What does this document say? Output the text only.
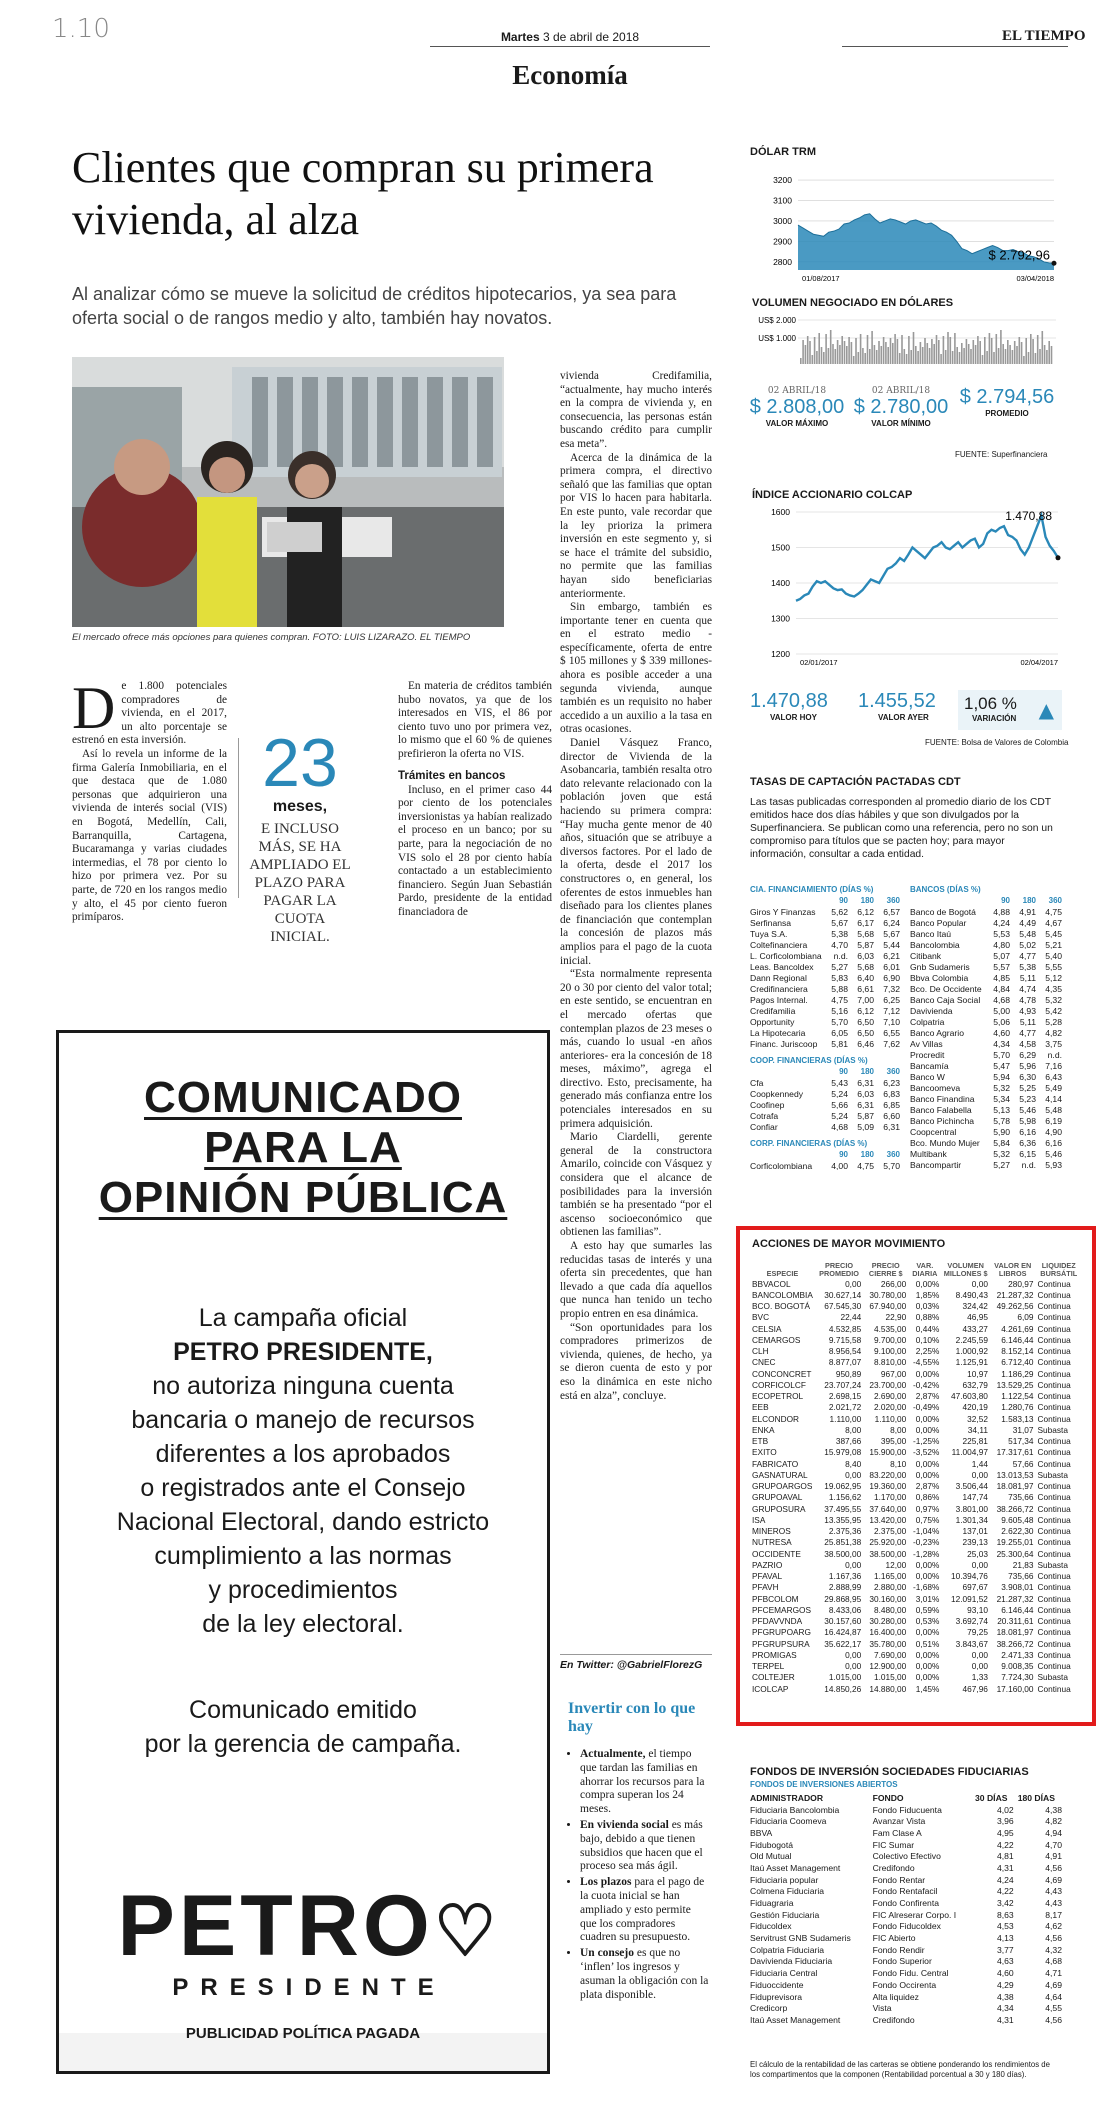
1.10	Martes 3 de abril de 2018	EL TIEMPO
Economía
Clientes que compran su primera vivienda, al alza
Al analizar cómo se mueve la solicitud de créditos hipotecarios, ya sea para oferta social o de rangos medio y alto, también hay novatos.
El mercado ofrece más opciones para quienes compran. FOTO: LUIS LIZARAZO. EL TIEMPO

De 1.800 potenciales compradores de vivienda, en el 2017, un alto porcentaje se estrenó en esta inversión.

Así lo revela un informe de la firma Galería Inmobiliaria, en el que destaca que de 1.080 personas que adquirieron una vivienda de interés social (VIS) en Bogotá, Medellín, Cali, Barranquilla, Cartagena, Bucaramanga y varias ciudades intermedias, el 78 por ciento lo hizo por primera vez. Por su parte, de 720 en los rangos medio y alto, el 45 por ciento fueron primíparos.

23
meses,
E INCLUSO MÁS, SE HA AMPLIADO EL PLAZO PARA PAGAR LA CUOTA INICIAL.

En materia de créditos también hubo novatos, ya que de los interesados en VIS, el 86 por ciento tuvo uno por primera vez, lo mismo que el 60 % de quienes prefirieron la oferta no VIS.

Trámites en bancos

Incluso, en el primer caso 44 por ciento de los potenciales inversionistas ya habían realizado el proceso en un banco; por su parte, para la negociación de no VIS solo el 28 por ciento había contactado a un establecimiento financiero. Según Juan Sebastián Pardo, presidente de la entidad financiadora de

vivienda Credifamilia, “actualmente, hay mucho interés en la compra de vivienda y, en consecuencia, las personas están buscando crédito para cumplir esa meta”.

Acerca de la dinámica de la primera compra, el directivo señaló que las familias que optan por VIS lo hacen para habitarla. En este punto, vale recordar que la ley prioriza la primera inversión en este segmento y, si se hace el trámite del subsidio, no permite que las familias hayan sido beneficiarias anteriormente.

Sin embargo, también es importante tener en cuenta que en el estrato medio -específicamente, oferta de entre $ 105 millones y $ 339 millones- ahora es posible acceder a una segunda vivienda, aunque también es un requisito no haber accedido a un auxilio a la tasa en otras ocasiones.

Daniel Vásquez Franco, director de Vivienda de la Asobancaria, también resalta otro dato relevante relacionado con la población joven que está haciendo su primera compra: “Hay mucha gente menor de 40 años, situación que se atribuye a diversos factores. Por el lado de la oferta, desde el 2017 los constructores o, en general, los oferentes de estos inmuebles han diseñado para los clientes planes de financiación que contemplan la concesión de plazos más amplios para el pago de la cuota inicial.

“Esta normalmente representa 20 o 30 por ciento del valor total; en este sentido, se encuentran en el mercado ofertas que contemplan plazos de 23 meses o más, cuando lo usual -en años anteriores- era la concesión de 18 meses, máximo”, agrega el directivo. Esto, precisamente, ha generado más confianza entre los potenciales interesados en su primera adquisición.

Mario Ciardelli, gerente general de la constructora Amarilo, coincide con Vásquez y considera que el alcance de posibilidades para la inversión también se ha presentado “por el ascenso socioeconómico que obtienen las familias”.

A esto hay que sumarles las reducidas tasas de interés y una oferta sin precedentes, que han llevado a que cada día aquellos que nunca han tenido un techo propio entren en esa dinámica.

“Son oportunidades para los compradores primerizos de vivienda, quienes, de hecho, ya se dieron cuenta de esto y por eso la dinámica en este nicho está en alza”, concluye.

En Twitter: @GabrielFlorezG
Invertir con lo que hay
• Actualmente, el tiempo que tardan las familias en ahorrar los recursos para la compra superan los 24 meses.
• En vivienda social es más bajo, debido a que tienen subsidios que hacen que el proceso sea más ágil.
• Los plazos para el pago de la cuota inicial se han ampliado y esto permite que los compradores cuadren su presupuesto.
• Un consejo es que no ‘inflen’ los ingresos y asuman la obligación con la plata disponible.
COMUNICADO
PARA LA
OPINIÓN PÚBLICA
La campaña oficial
PETRO PRESIDENTE,
no autoriza ninguna cuenta
bancaria o manejo de recursos
diferentes a los aprobados
o registrados ante el Consejo
Nacional Electoral, dando estricto
cumplimiento a las normas
y procedimientos
de la ley electoral.
Comunicado emitido
por la gerencia de campaña.
PETRO♡
PRESIDENTE
PUBLICIDAD POLÍTICA PAGADA
DÓLAR TRM
3200
3100
3000
2900
2800
01/08/2017	03/04/2018
$ 2.792,96
VOLUMEN NEGOCIADO EN DÓLARES
US$ 2.000
US$ 1.000
02 ABRIL/18
$ 2.808,00
VALOR MÁXIMO
02 ABRIL/18
$ 2.780,00
VALOR MÍNIMO
$ 2.794,56
PROMEDIO
FUENTE: Superfinanciera
ÍNDICE ACCIONARIO COLCAP
1600
1500
1400
1300
1200
02/01/2017	02/04/2017
1.470,88
1.470,88
VALOR HOY
1.455,52
VALOR AYER
1,06 %
VARIACIÓN	▲
FUENTE: Bolsa de Valores de Colombia
TASAS DE CAPTACIÓN PACTADAS CDT
Las tasas publicadas corresponden al promedio diario de los CDT emitidos hace dos días hábiles y que son divulgados por la Superfinanciera. Se publican como una referencia, pero no son un compromiso para títulos que se pacten hoy; para mayor información, consultar a cada entidad.
CIA. FINANCIAMIENTO (DÍAS %)			
	90	180	360
Giros Y Finanzas	5,62	6,12	6,57
Serfinansa	5,67	6,17	6,24
Tuya S.A.	5,38	5,68	5,67
Coltefinanciera	4,70	5,87	5,44
L. Corficolombiana	n.d.	6,03	6,21
Leas. Bancoldex	5,27	5,68	6,01
Dann Regional	5,83	6,40	6,90
Credifinanciera	5,88	6,61	7,32
Pagos Internal.	4,75	7,00	6,25
Credifamilia	5,16	6,12	7,12
Opportunity	5,70	6,50	7,10
La Hipotecaria	6,05	6,50	6,55
Financ. Juriscoop	5,81	6,46	7,62

COOP. FINANCIERAS (DÍAS %)			
	90	180	360
Cfa	5,43	6,31	6,23
Coopkennedy	5,24	6,03	6,83
Coofinep	5,66	6,31	6,85
Cotrafa	5,24	5,87	6,60
Confiar	4,68	5,09	6,31

CORP. FINANCIERAS (DÍAS %)			
	90	180	360
Corficolombiana	4,00	4,75	5,70
BANCOS (DÍAS %)			
	90	180	360
Banco de Bogotá	4,88	4,91	4,75
Banco Popular	4,24	4,49	4,67
Banco Itaú	5,53	5,48	5,45
Bancolombia	4,80	5,02	5,21
Citibank	5,07	4,77	5,40
Gnb Sudameris	5,57	5,38	5,55
Bbva Colombia	4,85	5,11	5,12
Bco. De Occidente	4,84	4,74	4,35
Banco Caja Social	4,68	4,78	5,32
Davivienda	5,00	4,93	5,42
Colpatria	5,06	5,11	5,28
Banco Agrario	4,60	4,77	4,82
Av Villas	4,34	4,58	3,75
Procredit	5,70	6,29	n.d.
Bancamía	5,47	5,96	7,16
Banco W	5,94	6,30	6,43
Bancoomeva	5,32	5,25	5,49
Banco Finandina	5,34	5,23	4,14
Banco Falabella	5,13	5,46	5,48
Banco Pichincha	5,78	5,98	6,19
Coopcentral	5,90	6,16	4,90
Bco. Mundo Mujer	5,84	6,36	6,16
Multibank	5,32	6,15	5,46
Bancompartir	5,27	n.d.	5,93
ACCIONES DE MAYOR MOVIMIENTO
ESPECIE	PRECIO PROMEDIO	PRECIO CIERRE $	VAR. DIARIA	VOLUMEN MILLONES $	VALOR EN LIBROS	LIQUIDEZ BURSÁTIL
BBVACOL	0,00	266,00	0,00%	0,00	280,97	Continua
BANCOLOMBIA	30.627,14	30.780,00	1,85%	8.490,43	21.287,32	Continua
BCO. BOGOTÁ	67.545,30	67.940,00	0,03%	324,42	49.262,56	Continua
BVC	22,44	22,90	0,88%	46,95	6,09	Continua
CELSIA	4.532,85	4.535,00	0,44%	433,27	4.261,69	Continua
CEMARGOS	9.715,58	9.700,00	0,10%	2.245,59	6.146,44	Continua
CLH	8.956,54	9.100,00	2,25%	1.000,92	8.152,14	Continua
CNEC	8.877,07	8.810,00	-4,55%	1.125,91	6.712,40	Continua
CONCONCRET	950,89	967,00	0,00%	10,97	1.186,29	Continua
CORFICOLCF	23.707,24	23.700,00	-0,42%	632,79	13.529,25	Continua
ECOPETROL	2.698,15	2.690,00	2,87%	47.603,80	1.122,54	Continua
EEB	2.021,72	2.020,00	-0,49%	420,19	1.280,76	Continua
ELCONDOR	1.110,00	1.110,00	0,00%	32,52	1.583,13	Continua
ENKA	8,00	8,00	0,00%	34,11	31,07	Subasta
ETB	387,66	395,00	-1,25%	225,81	517,34	Continua
EXITO	15.979,08	15.900,00	-3,52%	11.004,97	17.317,61	Continua
FABRICATO	8,40	8,10	0,00%	1,44	57,66	Continua
GASNATURAL	0,00	83.220,00	0,00%	0,00	13.013,53	Subasta
GRUPOARGOS	19.062,95	19.360,00	2,87%	3.506,44	18.081,97	Continua
GRUPOAVAL	1.156,62	1.170,00	0,86%	147,74	735,66	Continua
GRUPOSURA	37.495,55	37.640,00	0,97%	3.801,00	38.266,72	Continua
ISA	13.355,95	13.420,00	0,75%	1.301,34	9.605,48	Continua
MINEROS	2.375,36	2.375,00	-1,04%	137,01	2.622,30	Continua
NUTRESA	25.851,38	25.920,00	-0,23%	239,13	19.255,01	Continua
OCCIDENTE	38.500,00	38.500,00	-1,28%	25,03	25.300,64	Continua
PAZRIO	0,00	12,00	0,00%	0,00	21,83	Subasta
PFAVAL	1.167,36	1.165,00	0,00%	10.394,76	735,66	Continua
PFAVH	2.888,99	2.880,00	-1,68%	697,67	3.908,01	Continua
PFBCOLOM	29.868,95	30.160,00	3,01%	12.091,52	21.287,32	Continua
PFCEMARGOS	8.433,06	8.480,00	0,59%	93,10	6.146,44	Continua
PFDAVVNDA	30.157,60	30.280,00	0,53%	3.692,74	20.311,61	Continua
PFGRUPOARG	16.424,87	16.400,00	0,00%	79,25	18.081,97	Continua
PFGRUPSURA	35.622,17	35.780,00	0,51%	3.843,67	38.266,72	Continua
PROMIGAS	0,00	7.690,00	0,00%	0,00	2.471,33	Continua
TERPEL	0,00	12.900,00	0,00%	0,00	9.008,35	Continua
COLTEJER	1.015,00	1.015,00	0,00%	1,33	7.724,30	Subasta
ICOLCAP	14.850,26	14.880,00	1,45%	467,96	17.160,00	Continua
FONDOS DE INVERSIÓN SOCIEDADES FIDUCIARIAS
FONDOS DE INVERSIONES ABIERTOS
ADMINISTRADOR	FONDO	30 DÍAS	180 DÍAS
Fiduciaria Bancolombia	Fondo Fiducuenta	4,02	4,38
Fiduciaria Coomeva	Avanzar Vista	3,96	4,82
BBVA	Fam Clase A	4,95	4,94
Fidubogotá	FIC Sumar	4,22	4,70
Old Mutual	Colectivo Efectivo	4,81	4,91
Itaú Asset Management	Credifondo	4,31	4,56
Fiduciaria popular	Fondo Rentar	4,24	4,69
Colmena Fiduciaria	Fondo Rentafacil	4,22	4,43
Fiduagraria	Fondo Confirenta	3,42	4,43
Gestión Fiduciaria	FIC Alreserar Corpo. I	8,63	8,17
Fiducoldex	Fondo Fiducoldex	4,53	4,62
Servitrust GNB Sudameris	FIC Abierto	4,13	4,56
Colpatria Fiduciaria	Fondo Rendir	3,77	4,32
Davivienda Fiduciaria	Fondo Superior	4,63	4,68
Fiduciaria Central	Fondo Fidu. Central	4,60	4,71
Fiduoccidente	Fondo Occirenta	4,29	4,69
Fiduprevisora	Alta liquidez	4,38	4,64
Credicorp	Vista	4,34	4,55
Itaú Asset Management	Credifondo	4,31	4,56
El cálculo de la rentabilidad de las carteras se obtiene ponderando los rendimientos de los compartimentos que la componen (Rentabilidad porcentual a 30 y 180 días).
